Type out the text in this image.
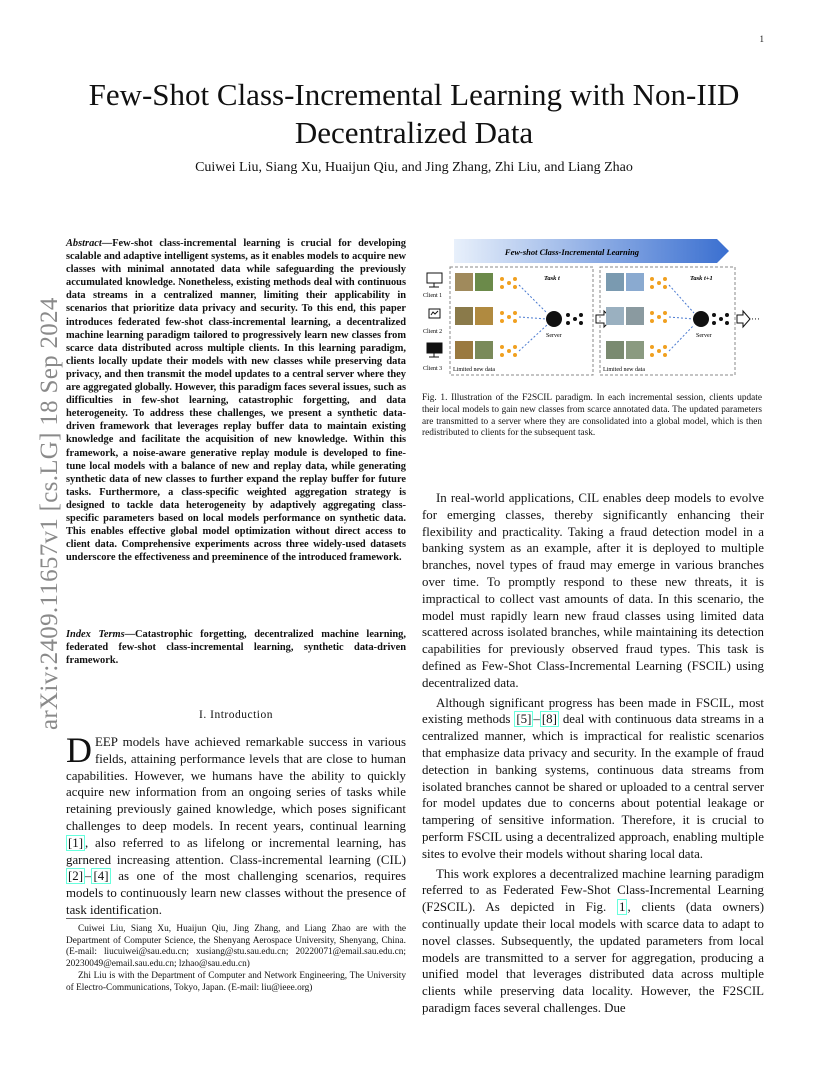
1
Few-Shot Class-Incremental Learning with Non-IID
Decentralized Data
Cuiwei Liu, Siang Xu, Huaijun Qiu, and Jing Zhang, Zhi Liu, and Liang Zhao
arXiv:2409.11657v1 [cs.LG] 18 Sep 2024
Abstract—Few-shot class-incremental learning is crucial for developing scalable and adaptive intelligent systems, as it enables models to acquire new classes with minimal annotated data while safeguarding the previously accumulated knowledge. Nonetheless, existing methods deal with continuous data streams in a centralized manner, limiting their applicability in scenarios that prioritize data privacy and security. To this end, this paper introduces federated few-shot class-incremental learning, a decentralized machine learning paradigm tailored to progressively learn new classes from scarce data distributed across multiple clients. In this learning paradigm, clients locally update their models with new classes while preserving data privacy, and then transmit the model updates to a central server where they are aggregated globally. However, this paradigm faces several issues, such as difficulties in few-shot learning, catastrophic forgetting, and data heterogeneity. To address these challenges, we present a synthetic data-driven framework that leverages replay buffer data to maintain existing knowledge and facilitate the acquisition of new knowledge. Within this framework, a noise-aware generative replay module is developed to fine-tune local models with a balance of new and replay data, while generating synthetic data of new classes to further expand the replay buffer for future tasks. Furthermore, a class-specific weighted aggregation strategy is designed to tackle data heterogeneity by adaptively aggregating class-specific parameters based on local models performance on synthetic data. This enables effective global model optimization without direct access to client data. Comprehensive experiments across three widely-used datasets underscore the effectiveness and preeminence of the introduced framework.
Index Terms—Catastrophic forgetting, decentralized machine learning, federated few-shot class-incremental learning, synthetic data-driven framework.
I. Introduction
DEEP models have achieved remarkable success in various fields, attaining performance levels that are close to human capabilities. However, we humans have the ability to quickly acquire new information from an ongoing series of tasks while retaining previously gained knowledge, which poses significant challenges to deep models. In recent years, continual learning [1] , also referred to as lifelong or incremental learning, has garnered increasing attention. Class-incremental learning (CIL) [2] – [4] as one of the most challenging scenarios, requires models to continuously learn new classes without the presence of task identification.

Cuiwei Liu, Siang Xu, Huaijun Qiu, Jing Zhang, and Liang Zhao are with the Department of Computer Science, the Shenyang Aerospace University, Shenyang, China. (E-mail: liucuiwei@sau.edu.cn; xusiang@stu.sau.edu.cn; 20220071@email.sau.edu.cn; 20230049@email.sau.edu.cn; lzhao@sau.edu.cn)

Zhi Liu is with the Department of Computer and Network Engineering, The University of Electro-Communications, Tokyo, Japan. (E-mail: liu@ieee.org)

Few-shot Class-Incremental Learning
Client 1
Client 2
Client 3
Task t
Server
Limited new data
Task t+1
Server
Limited new data
···
Fig. 1. Illustration of the F2SCIL paradigm. In each incremental session, clients update their local models to gain new classes from scarce annotated data. The updated parameters are transmitted to a server where they are consolidated into a global model, which is then redistributed to clients for the subsequent task.

In real-world applications, CIL enables deep models to evolve for emerging classes, thereby significantly enhancing their flexibility and practicality. Taking a fraud detection model in a banking system as an example, after it is deployed to multiple branches, novel types of fraud may emerge in various branches over time. To promptly respond to these new threats, it is impractical to collect vast amounts of data. In this scenario, the model must rapidly learn new fraud classes using limited data scattered across isolated branches, while maintaining its detection capabilities for previously observed fraud types. This task is defined as Few-Shot Class-Incremental Learning (FSCIL) using decentralized data.

Although significant progress has been made in FSCIL, most existing methods [5] – [8] deal with continuous data streams in a centralized manner, which is impractical for realistic scenarios that emphasize data privacy and security. In the example of fraud detection in banking systems, continuous data streams from isolated branches cannot be shared or uploaded to a central server for model updates due to concerns about potential leakage or tampering of sensitive information. Therefore, it is crucial to perform FSCIL using a decentralized approach, enabling multiple sites to evolve their models without sharing local data.

This work explores a decentralized machine learning paradigm referred to as Federated Few-Shot Class-Incremental Learning (F2SCIL). As depicted in Fig. 1 , clients (data owners) continually update their local models with scarce data to adapt to novel classes. Subsequently, the updated parameters from local models are transmitted to a server for aggregation, producing a unified model that leverages distributed data across multiple clients while preserving data locality. However, the F2SCIL paradigm faces several challenges. Due
